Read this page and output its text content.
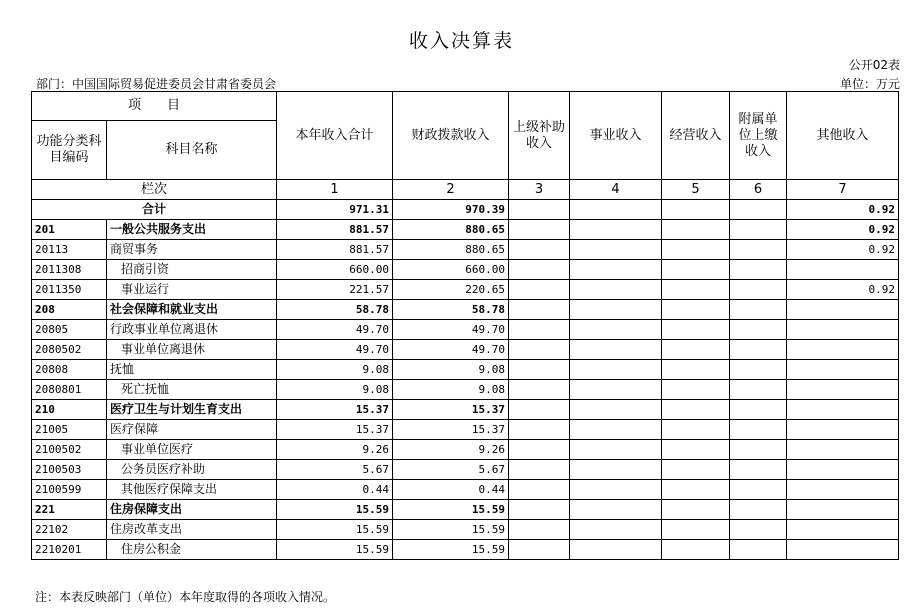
收入决算表
公开02表
部门：中国国际贸易促进委员会甘肃省委员会	单位：万元
项　　目		本年收入合计	财政拨款收入	上级补助收入	事业收入	经营收入	附属单位上缴收入	其他收入
功能分类科目编码	科目名称							
栏次		1	2	3	4	5	6	7
合计		971.31	970.39					0.92
201	一般公共服务支出	881.57	880.65					0.92
20113	商贸事务	881.57	880.65					0.92
2011308	招商引资	660.00	660.00					
2011350	事业运行	221.57	220.65					0.92
208	社会保障和就业支出	58.78	58.78					
20805	行政事业单位离退休	49.70	49.70					
2080502	事业单位离退休	49.70	49.70					
20808	抚恤	9.08	9.08					
2080801	死亡抚恤	9.08	9.08					
210	医疗卫生与计划生育支出	15.37	15.37					
21005	医疗保障	15.37	15.37					
2100502	事业单位医疗	9.26	9.26					
2100503	公务员医疗补助	5.67	5.67					
2100599	其他医疗保障支出	0.44	0.44					
221	住房保障支出	15.59	15.59					
22102	住房改革支出	15.59	15.59					
2210201	住房公积金	15.59	15.59					
注：本表反映部门（单位）本年度取得的各项收入情况。
